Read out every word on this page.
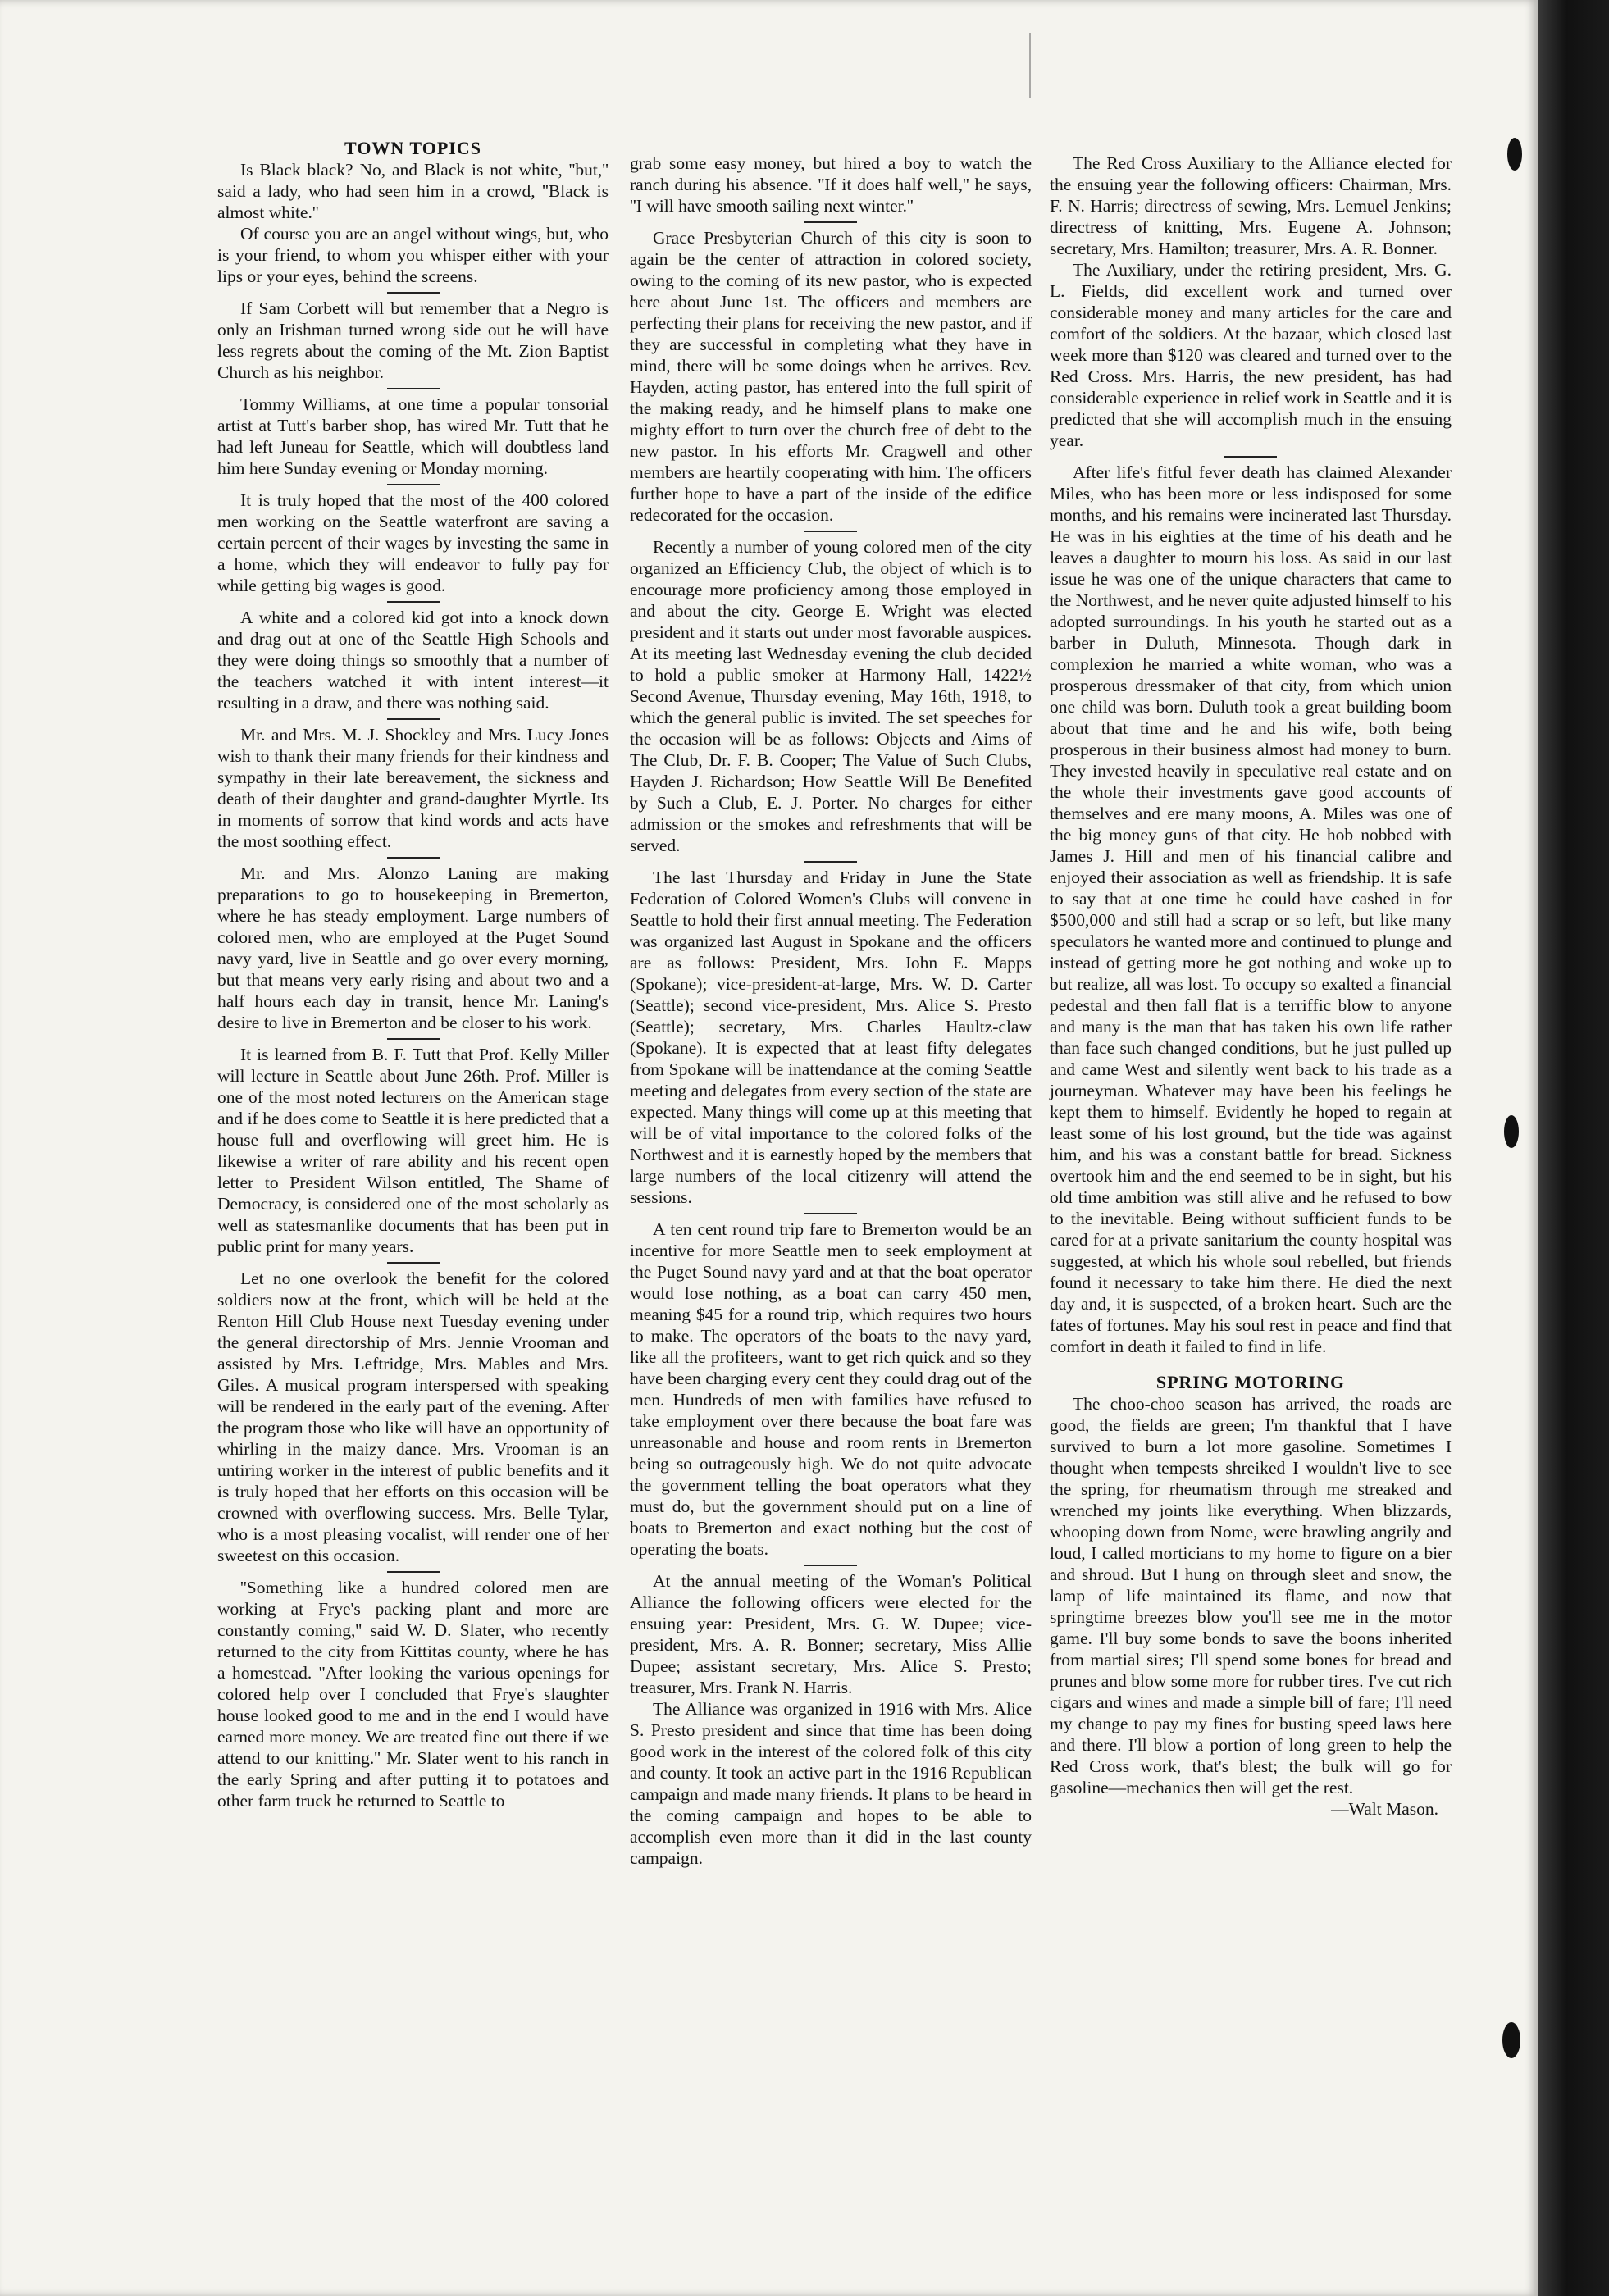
TOWN TOPICS

Is Black black? No, and Black is not white, ''but,'' said a lady, who had seen him in a crowd, ''Black is almost white.''

Of course you are an angel without wings, but, who is your friend, to whom you whisper either with your lips or your eyes, behind the screens.

If Sam Corbett will but remember that a Negro is only an Irishman turned wrong side out he will have less regrets about the coming of the Mt. Zion Baptist Church as his neighbor.

Tommy Williams, at one time a popular tonsorial artist at Tutt's barber shop, has wired Mr. Tutt that he had left Juneau for Seattle, which will doubtless land him here Sunday evening or Monday morning.

It is truly hoped that the most of the 400 colored men working on the Seattle waterfront are saving a certain percent of their wages by investing the same in a home, which they will endeavor to fully pay for while getting big wages is good.

A white and a colored kid got into a knock down and drag out at one of the Seattle High Schools and they were doing things so smoothly that a number of the teachers watched it with intent interest—it resulting in a draw, and there was nothing said.

Mr. and Mrs. M. J. Shockley and Mrs. Lucy Jones wish to thank their many friends for their kindness and sympathy in their late bereavement, the sickness and death of their daughter and grand-daughter Myrtle. Its in moments of sorrow that kind words and acts have the most soothing effect.

Mr. and Mrs. Alonzo Laning are making preparations to go to housekeeping in Bremerton, where he has steady employment. Large numbers of colored men, who are employed at the Puget Sound navy yard, live in Seattle and go over every morning, but that means very early rising and about two and a half hours each day in transit, hence Mr. Laning's desire to live in Bremerton and be closer to his work.

It is learned from B. F. Tutt that Prof. Kelly Miller will lecture in Seattle about June 26th. Prof. Miller is one of the most noted lecturers on the American stage and if he does come to Seattle it is here predicted that a house full and overflowing will greet him. He is likewise a writer of rare ability and his recent open letter to President Wilson entitled, The Shame of Democracy, is considered one of the most scholarly as well as statesmanlike documents that has been put in public print for many years.

Let no one overlook the benefit for the colored soldiers now at the front, which will be held at the Renton Hill Club House next Tuesday evening under the general directorship of Mrs. Jennie Vrooman and assisted by Mrs. Leftridge, Mrs. Mables and Mrs. Giles. A musical program interspersed with speaking will be rendered in the early part of the evening. After the program those who like will have an opportunity of whirling in the maizy dance. Mrs. Vrooman is an untiring worker in the interest of public benefits and it is truly hoped that her efforts on this occasion will be crowned with overflowing success. Mrs. Belle Tylar, who is a most pleasing vocalist, will render one of her sweetest on this occasion.

''Something like a hundred colored men are working at Frye's packing plant and more are constantly coming,'' said W. D. Slater, who recently returned to the city from Kittitas county, where he has a homestead. ''After looking the various openings for colored help over I concluded that Frye's slaughter house looked good to me and in the end I would have earned more money. We are treated fine out there if we attend to our knitting.'' Mr. Slater went to his ranch in the early Spring and after putting it to potatoes and other farm truck he returned to Seattle to

grab some easy money, but hired a boy to watch the ranch during his absence. ''If it does half well,'' he says, ''I will have smooth sailing next winter.''

Grace Presbyterian Church of this city is soon to again be the center of attraction in colored society, owing to the coming of its new pastor, who is expected here about June 1st. The officers and members are perfecting their plans for receiving the new pastor, and if they are successful in completing what they have in mind, there will be some doings when he arrives. Rev. Hayden, acting pastor, has entered into the full spirit of the making ready, and he himself plans to make one mighty effort to turn over the church free of debt to the new pastor. In his efforts Mr. Cragwell and other members are heartily cooperating with him. The officers further hope to have a part of the inside of the edifice redecorated for the occasion.

Recently a number of young colored men of the city organized an Efficiency Club, the object of which is to encourage more proficiency among those employed in and about the city. George E. Wright was elected president and it starts out under most favorable auspices. At its meeting last Wednesday evening the club decided to hold a public smoker at Harmony Hall, 1422½ Second Avenue, Thursday evening, May 16th, 1918, to which the general public is invited. The set speeches for the occasion will be as follows: Objects and Aims of The Club, Dr. F. B. Cooper; The Value of Such Clubs, Hayden J. Richardson; How Seattle Will Be Benefited by Such a Club, E. J. Porter. No charges for either admission or the smokes and refreshments that will be served.

The last Thursday and Friday in June the State Federation of Colored Women's Clubs will convene in Seattle to hold their first annual meeting. The Federation was organized last August in Spokane and the officers are as follows: President, Mrs. John E. Mapps (Spokane); vice-president-at-large, Mrs. W. D. Carter (Seattle); second vice-president, Mrs. Alice S. Presto (Seattle); secretary, Mrs. Charles Haultz-claw (Spokane). It is expected that at least fifty delegates from Spokane will be inattendance at the coming Seattle meeting and delegates from every section of the state are expected. Many things will come up at this meeting that will be of vital importance to the colored folks of the Northwest and it is earnestly hoped by the members that large numbers of the local citizenry will attend the sessions.

A ten cent round trip fare to Bremerton would be an incentive for more Seattle men to seek employment at the Puget Sound navy yard and at that the boat operator would lose nothing, as a boat can carry 450 men, meaning $45 for a round trip, which requires two hours to make. The operators of the boats to the navy yard, like all the profiteers, want to get rich quick and so they have been charging every cent they could drag out of the men. Hundreds of men with families have refused to take employment over there because the boat fare was unreasonable and house and room rents in Bremerton being so outrageously high. We do not quite advocate the government telling the boat operators what they must do, but the government should put on a line of boats to Bremerton and exact nothing but the cost of operating the boats.

At the annual meeting of the Woman's Political Alliance the following officers were elected for the ensuing year: President, Mrs. G. W. Dupee; vice-president, Mrs. A. R. Bonner; secretary, Miss Allie Dupee; assistant secretary, Mrs. Alice S. Presto; treasurer, Mrs. Frank N. Harris.

The Alliance was organized in 1916 with Mrs. Alice S. Presto president and since that time has been doing good work in the interest of the colored folk of this city and county. It took an active part in the 1916 Republican campaign and made many friends. It plans to be heard in the coming campaign and hopes to be able to accomplish even more than it did in the last county campaign.

The Red Cross Auxiliary to the Alliance elected for the ensuing year the following officers: Chairman, Mrs. F. N. Harris; directress of sewing, Mrs. Lemuel Jenkins; directress of knitting, Mrs. Eugene A. Johnson; secretary, Mrs. Hamilton; treasurer, Mrs. A. R. Bonner.

The Auxiliary, under the retiring president, Mrs. G. L. Fields, did excellent work and turned over considerable money and many articles for the care and comfort of the soldiers. At the bazaar, which closed last week more than $120 was cleared and turned over to the Red Cross. Mrs. Harris, the new president, has had considerable experience in relief work in Seattle and it is predicted that she will accomplish much in the ensuing year.

After life's fitful fever death has claimed Alexander Miles, who has been more or less indisposed for some months, and his remains were incinerated last Thursday. He was in his eighties at the time of his death and he leaves a daughter to mourn his loss. As said in our last issue he was one of the unique characters that came to the Northwest, and he never quite adjusted himself to his adopted surroundings. In his youth he started out as a barber in Duluth, Minnesota. Though dark in complexion he married a white woman, who was a prosperous dressmaker of that city, from which union one child was born. Duluth took a great building boom about that time and he and his wife, both being prosperous in their business almost had money to burn. They invested heavily in speculative real estate and on the whole their investments gave good accounts of themselves and ere many moons, A. Miles was one of the big money guns of that city. He hob nobbed with James J. Hill and men of his financial calibre and enjoyed their association as well as friendship. It is safe to say that at one time he could have cashed in for $500,000 and still had a scrap or so left, but like many speculators he wanted more and continued to plunge and instead of getting more he got nothing and woke up to but realize, all was lost. To occupy so exalted a financial pedestal and then fall flat is a terriffic blow to anyone and many is the man that has taken his own life rather than face such changed conditions, but he just pulled up and came West and silently went back to his trade as a journeyman. Whatever may have been his feelings he kept them to himself. Evidently he hoped to regain at least some of his lost ground, but the tide was against him, and his was a constant battle for bread. Sickness overtook him and the end seemed to be in sight, but his old time ambition was still alive and he refused to bow to the inevitable. Being without sufficient funds to be cared for at a private sanitarium the county hospital was suggested, at which his whole soul rebelled, but friends found it necessary to take him there. He died the next day and, it is suspected, of a broken heart. Such are the fates of fortunes. May his soul rest in peace and find that comfort in death it failed to find in life.

SPRING MOTORING

The choo-choo season has arrived, the roads are good, the fields are green; I'm thankful that I have survived to burn a lot more gasoline. Sometimes I thought when tempests shreiked I wouldn't live to see the spring, for rheumatism through me streaked and wrenched my joints like everything. When blizzards, whooping down from Nome, were brawling angrily and loud, I called morticians to my home to figure on a bier and shroud. But I hung on through sleet and snow, the lamp of life maintained its flame, and now that springtime breezes blow you'll see me in the motor game. I'll buy some bonds to save the boons inherited from martial sires; I'll spend some bones for bread and prunes and blow some more for rubber tires. I've cut rich cigars and wines and made a simple bill of fare; I'll need my change to pay my fines for busting speed laws here and there. I'll blow a portion of long green to help the Red Cross work, that's blest; the bulk will go for gasoline—mechanics then will get the rest.

—Walt Mason.
